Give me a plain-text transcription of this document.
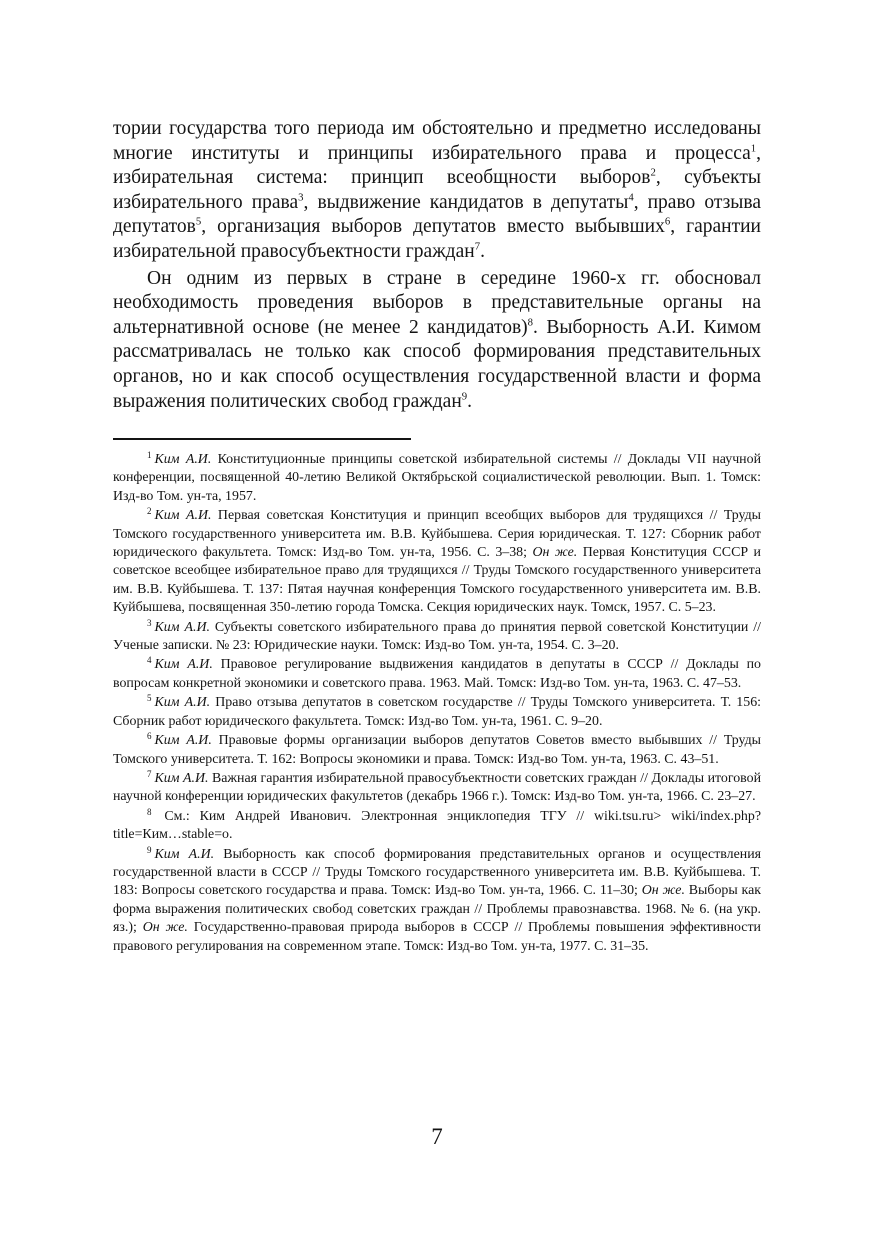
тории государства того периода им обстоятельно и предметно исследованы многие институты и принципы избирательного права и процесса$^1$, избирательная система: принцип всеобщности выборов$^2$, субъекты избирательного права$^3$, выдвижение кандидатов в депутаты$^4$, право отзыва депутатов$^5$, организация выборов депутатов вместо выбывших$^6$, гарантии избирательной правосубъектности граждан$^7$.

Он одним из первых в стране в середине 1960-х гг. обосновал необходимость проведения выборов в представительные органы на альтернативной основе (не менее 2 кандидатов)$^8$. Выборность А.И. Кимом рассматривалась не только как способ формирования представительных органов, но и как способ осуществления государственной власти и форма выражения политических свобод граждан$^9$.

$^1$ Ким А.И. Конституционные принципы советской избирательной системы // Доклады VII научной конференции, посвященной 40-летию Великой Октябрьской социалистической революции. Вып. 1. Томск: Изд-во Том. ун-та, 1957.

$^2$ Ким А.И. Первая советская Конституция и принцип всеобщих выборов для трудящихся // Труды Томского государственного университета им. В.В. Куйбышева. Серия юридическая. Т. 127: Сборник работ юридического факультета. Томск: Изд-во Том. ун-та, 1956. С. 3–38; Он же. Первая Конституция СССР и советское всеобщее избирательное право для трудящихся // Труды Томского государственного университета им. В.В. Куйбышева. Т. 137: Пятая научная конференция Томского государственного университета им. В.В. Куйбышева, посвященная 350-летию города Томска. Секция юридических наук. Томск, 1957. С. 5–23.

$^3$ Ким А.И. Субъекты советского избирательного права до принятия первой советской Конституции // Ученые записки. № 23: Юридические науки. Томск: Изд-во Том. ун-та, 1954. С. 3–20.

$^4$ Ким А.И. Правовое регулирование выдвижения кандидатов в депутаты в СССР // Доклады по вопросам конкретной экономики и советского права. 1963. Май. Томск: Изд-во Том. ун-та, 1963. С. 47–53.

$^5$ Ким А.И. Право отзыва депутатов в советском государстве // Труды Томского университета. Т. 156: Сборник работ юридического факультета. Томск: Изд-во Том. ун-та, 1961. С. 9–20.

$^6$ Ким А.И. Правовые формы организации выборов депутатов Советов вместо выбывших // Труды Томского университета. Т. 162: Вопросы экономики и права. Томск: Изд-во Том. ун-та, 1963. С. 43–51.

$^7$ Ким А.И. Важная гарантия избирательной правосубъектности советских граждан // Доклады итоговой научной конференции юридических факультетов (декабрь 1966 г.). Томск: Изд-во Том. ун-та, 1966. С. 23–27.

$^8$ См.: Ким Андрей Иванович. Электронная энциклопедия ТГУ // wiki.tsu.ru> wiki/index.php?title=Ким…stable=o.

$^9$ Ким А.И. Выборность как способ формирования представительных органов и осуществления государственной власти в СССР // Труды Томского государственного университета им. В.В. Куйбышева. Т. 183: Вопросы советского государства и права. Томск: Изд-во Том. ун-та, 1966. С. 11–30; Он же. Выборы как форма выражения политических свобод советских граждан // Проблемы правознавства. 1968. № 6. (на укр. яз.); Он же. Государственно-правовая природа выборов в СССР // Проблемы повышения эффективности правового регулирования на современном этапе. Томск: Изд-во Том. ун-та, 1977. С. 31–35.

7
